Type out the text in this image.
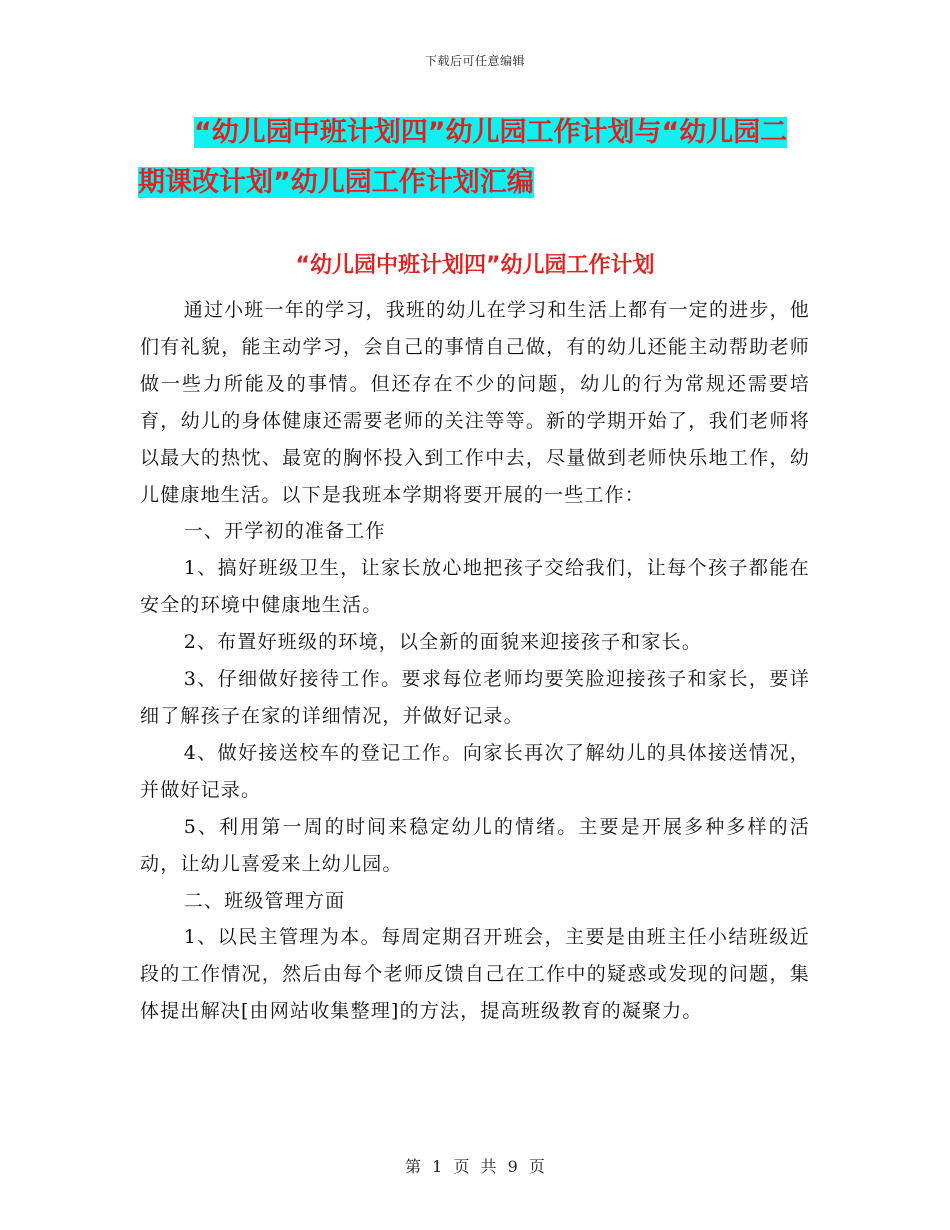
下载后可任意编辑
“幼儿园中班计划四”幼儿园工作计划与“幼儿园二
期课改计划”幼儿园工作计划汇编
“幼儿园中班计划四”幼儿园工作计划

通过小班一年的学习，我班的幼儿在学习和生活上都有一定的进步，他们有礼貌，能主动学习，会自己的事情自己做，有的幼儿还能主动帮助老师做一些力所能及的事情。但还存在不少的问题，幼儿的行为常规还需要培育，幼儿的身体健康还需要老师的关注等等。新的学期开始了，我们老师将以最大的热忱、最宽的胸怀投入到工作中去，尽量做到老师快乐地工作，幼儿健康地生活。以下是我班本学期将要开展的一些工作：

一、开学初的准备工作

1、搞好班级卫生，让家长放心地把孩子交给我们，让每个孩子都能在安全的环境中健康地生活。

2、布置好班级的环境，以全新的面貌来迎接孩子和家长。

3、仔细做好接待工作。要求每位老师均要笑脸迎接孩子和家长，要详细了解孩子在家的详细情况，并做好记录。

4、做好接送校车的登记工作。向家长再次了解幼儿的具体接送情况，并做好记录。

5、利用第一周的时间来稳定幼儿的情绪。主要是开展多种多样的活动，让幼儿喜爱来上幼儿园。

二、班级管理方面

1、以民主管理为本。每周定期召开班会，主要是由班主任小结班级近段的工作情况，然后由每个老师反馈自己在工作中的疑惑或发现的问题，集体提出解决[由网站收集整理]的方法，提高班级教育的凝聚力。

第 1 页 共 9 页
